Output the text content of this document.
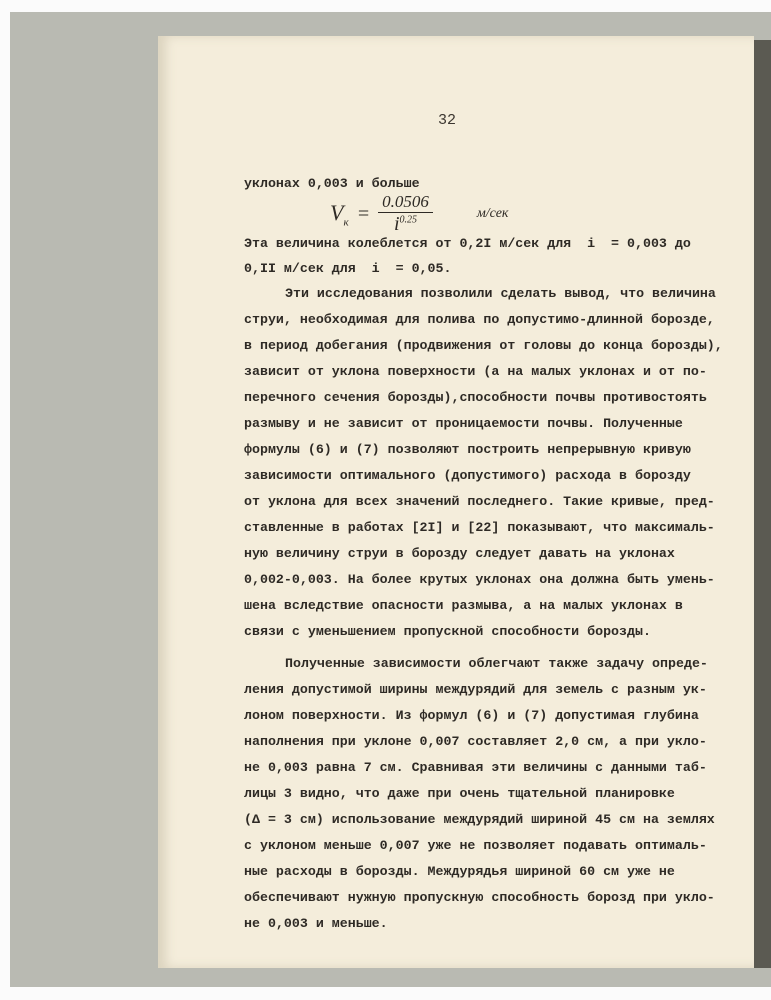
32
$V_к = \frac{0.0506}{i^{0.25}}$	м/сек
уклонах 0,003 и больше
Эта величина колеблется от 0,2I м/сек для  i  = 0,003 до
0,II м/сек для  i  = 0,05.
Эти исследования позволили сделать вывод, что величина
струи, необходимая для полива по допустимо-длинной борозде,
в период добегания (продвижения от головы до конца борозды),
зависит от уклона поверхности (а на малых уклонах и от по-
перечного сечения борозды),способности почвы противостоять
размыву и не зависит от проницаемости почвы. Полученные
формулы (6) и (7) позволяют построить непрерывную кривую
зависимости оптимального (допустимого) расхода в борозду
от уклона для всех значений последнего. Такие кривые, пред-
ставленные в работах [2I] и [22] показывают, что максималь-
ную величину струи в борозду следует давать на уклонах
0,002-0,003. На более крутых уклонах она должна быть умень-
шена вследствие опасности размыва, а на малых уклонах в
связи с уменьшением пропускной способности борозды.
Полученные зависимости облегчают также задачу опреде-
ления допустимой ширины междурядий для земель с разным ук-
лоном поверхности. Из формул (6) и (7) допустимая глубина
наполнения при уклоне 0,007 составляет 2,0 см, а при укло-
не 0,003 равна 7 см. Сравнивая эти величины с данными таб-
лицы 3 видно, что даже при очень тщательной планировке
(Δ = 3 см) использование междурядий шириной 45 см на землях
с уклоном меньше 0,007 уже не позволяет подавать оптималь-
ные расходы в борозды. Междурядья шириной 60 см уже не
обеспечивают нужную пропускную способность борозд при укло-
не 0,003 и меньше.
